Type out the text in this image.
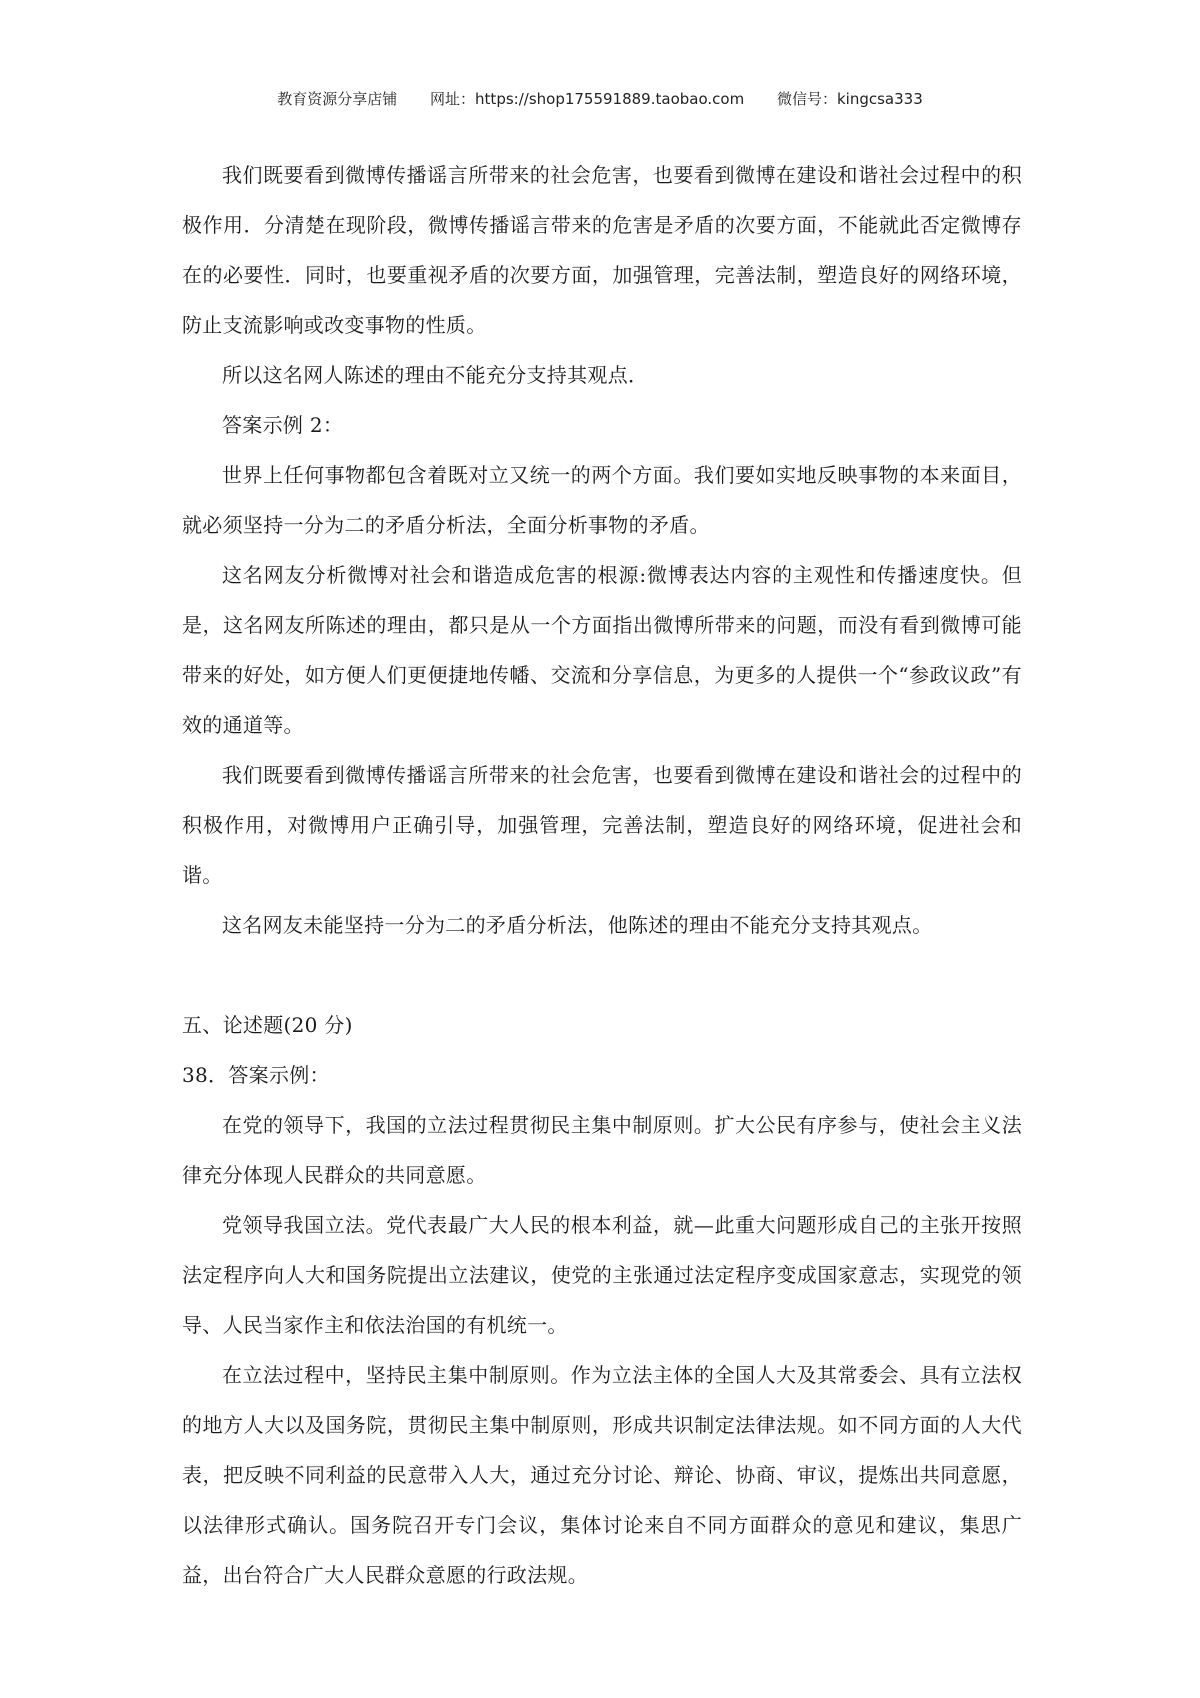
教育资源分享店铺 网址：https://shop175591889.taobao.com 微信号：kingcsa333

我们既要看到微博传播谣言所带来的社会危害，也要看到微博在建设和谐社会过程中的积极作用．分清楚在现阶段，微博传播谣言带来的危害是矛盾的次要方面，不能就此否定微博存在的必要性．同时，也要重视矛盾的次要方面，加强管理，完善法制，塑造良好的网络环境，防止支流影响或改变事物的性质。

所以这名网人陈述的理由不能充分支持其观点．

答案示例 2：

世界上任何事物都包含着既对立又统一的两个方面。我们要如实地反映事物的本来面目，就必须坚持一分为二的矛盾分析法，全面分析事物的矛盾。

这名网友分析微博对社会和谐造成危害的根源:微博表达内容的主观性和传播速度快。但是，这名网友所陈述的理由，都只是从一个方面指出微博所带来的问题，而没有看到微博可能带来的好处，如方便人们更便捷地传幡、交流和分享信息，为更多的人提供一个“参政议政”有效的通道等。

我们既要看到微博传播谣言所带来的社会危害，也要看到微博在建设和谐社会的过程中的积极作用，对微博用户正确引导，加强管理，完善法制，塑造良好的网络环境，促进社会和谐。

这名网友未能坚持一分为二的矛盾分析法，他陈述的理由不能充分支持其观点。

五、论述题(20 分)

38．答案示例：

在党的领导下，我国的立法过程贯彻民主集中制原则。扩大公民有序参与，使社会主义法律充分体现人民群众的共同意愿。

党领导我国立法。党代表最广大人民的根本利益，就—此重大问题形成自己的主张开按照法定程序向人大和国务院提出立法建议，使党的主张通过法定程序变成国家意志，实现党的领导、人民当家作主和依法治国的有机统一。

在立法过程中，坚持民主集中制原则。作为立法主体的全国人大及其常委会、具有立法权的地方人大以及国务院，贯彻民主集中制原则，形成共识制定法律法规。如不同方面的人大代表，把反映不同利益的民意带入人大，通过充分讨论、辩论、协商、审议，提炼出共同意愿，以法律形式确认。国务院召开专门会议，集体讨论来自不同方面群众的意见和建议，集思广益，出台符合广大人民群众意愿的行政法规。
